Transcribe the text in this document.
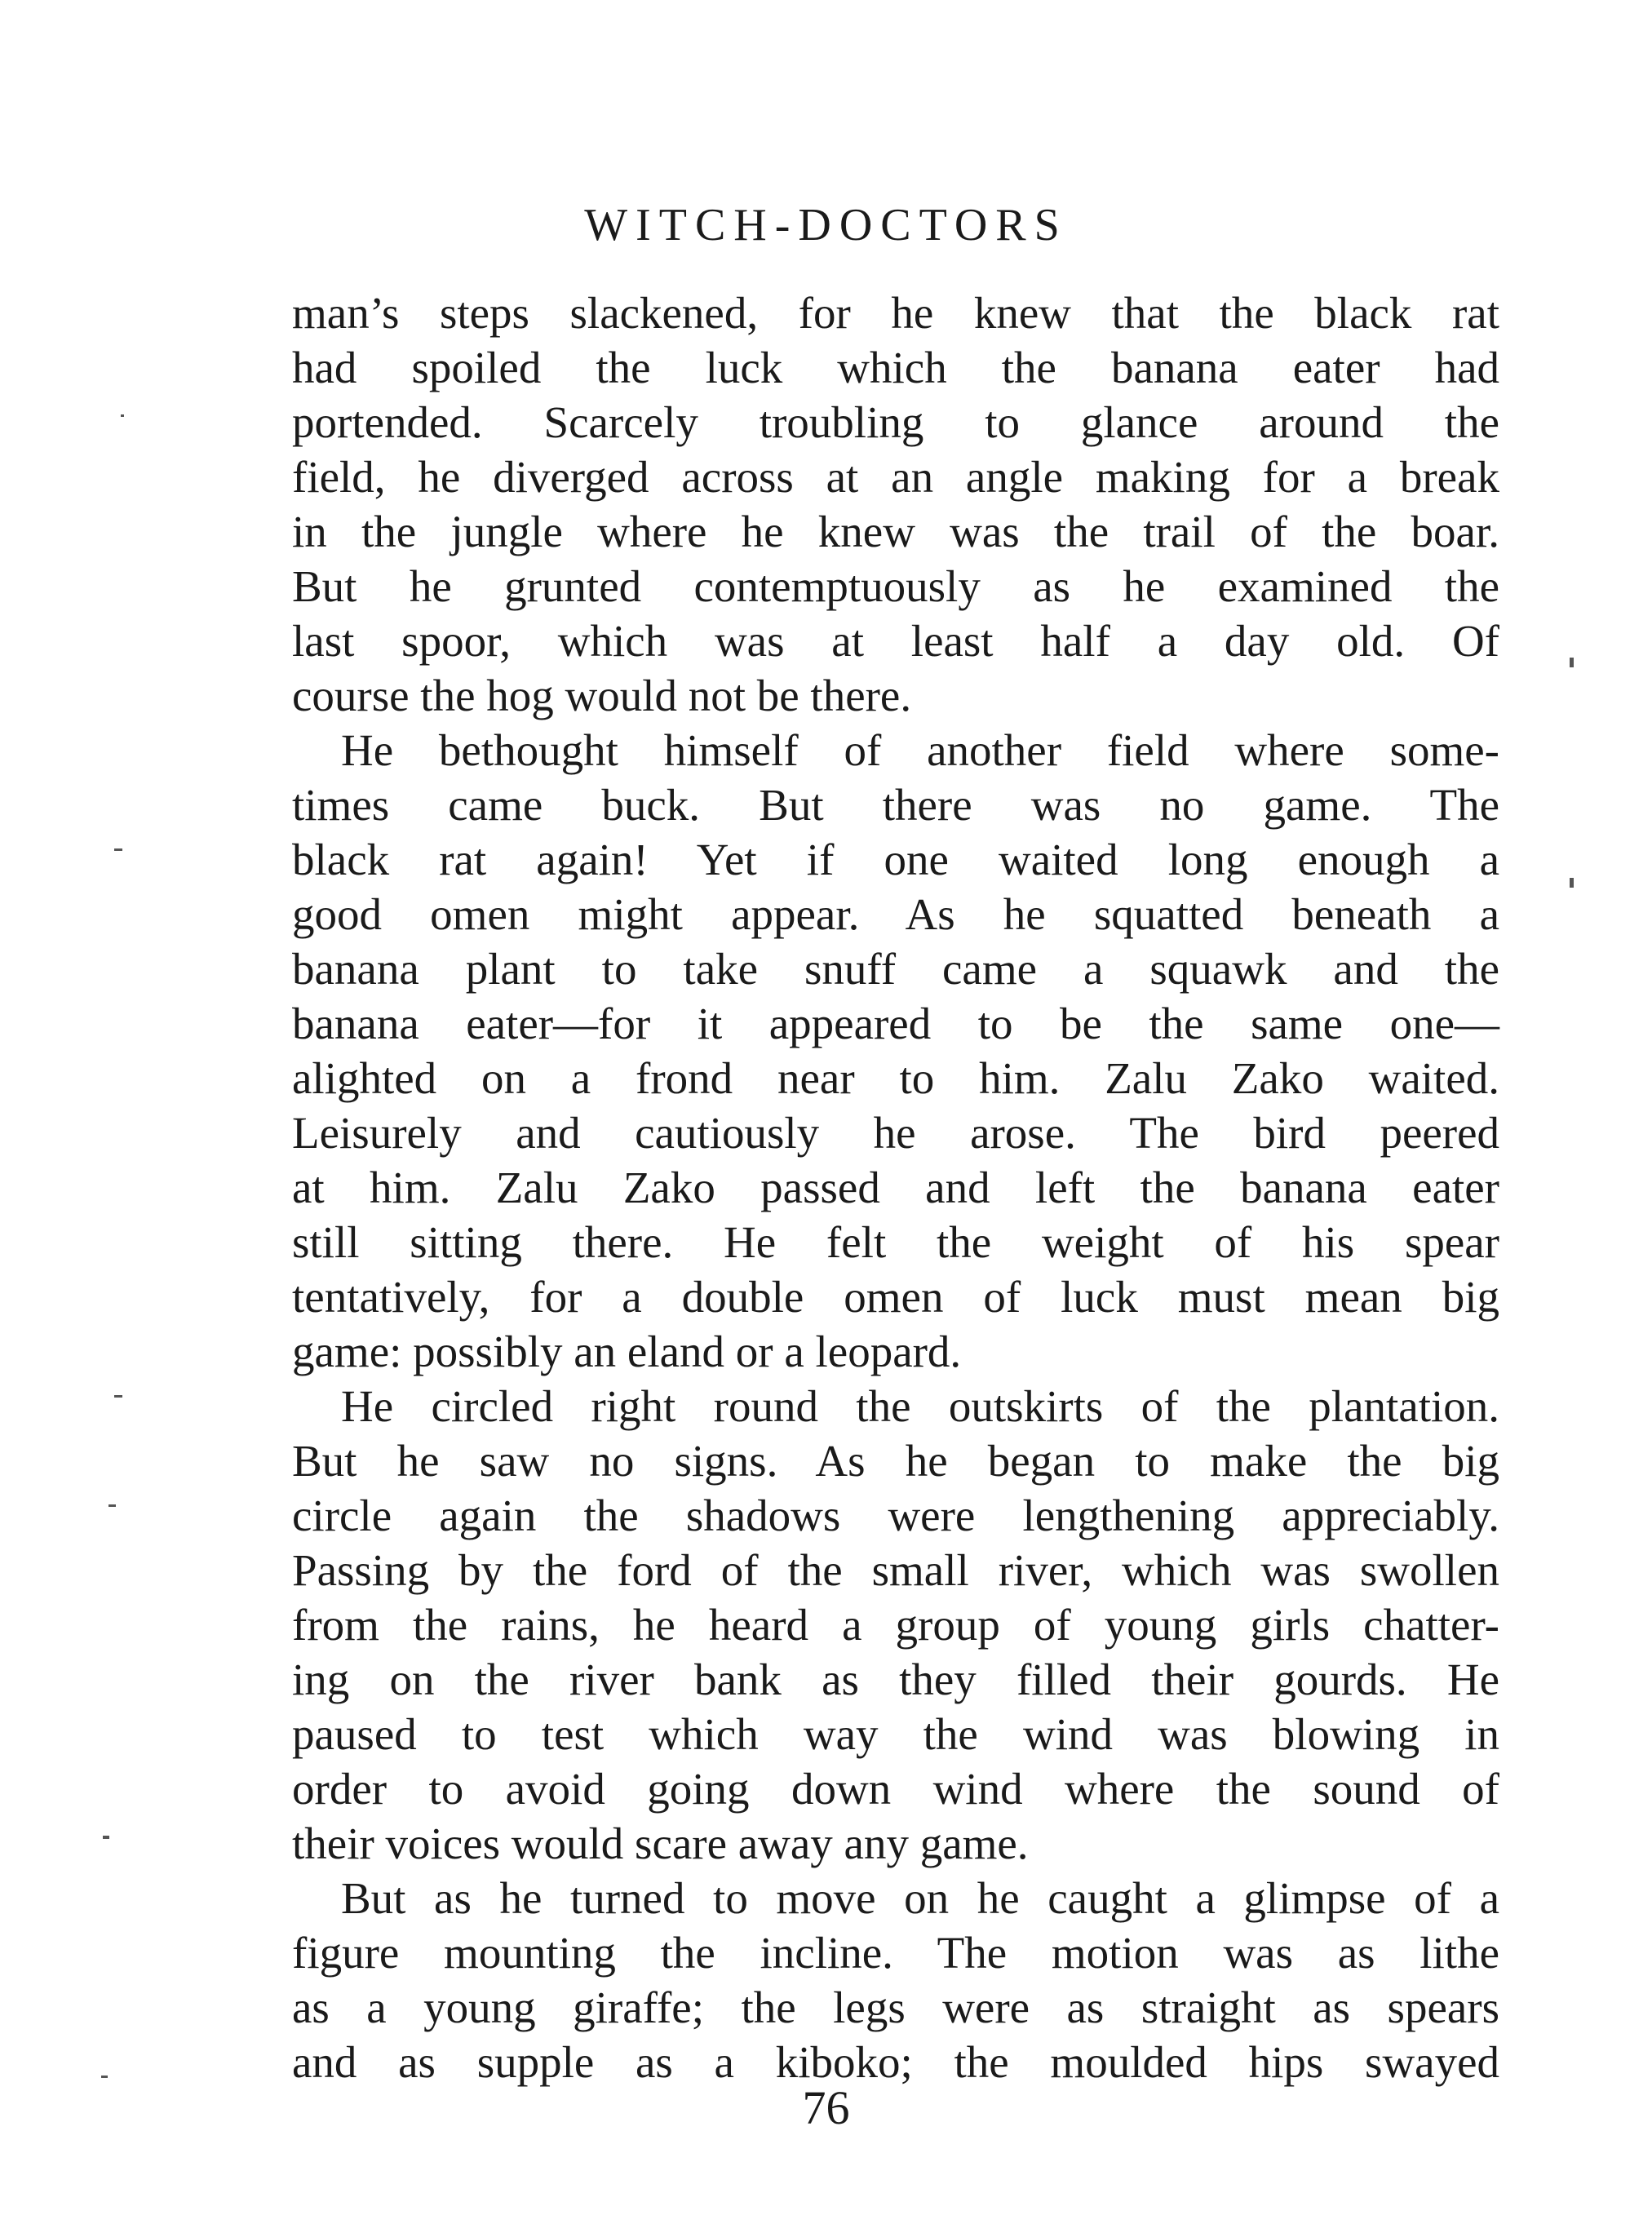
WITCH-DOCTORS
man’s steps slackened, for he knew that the black rat
had spoiled the luck which the banana eater had
portended. Scarcely troubling to glance around the
field, he diverged across at an angle making for a break
in the jungle where he knew was the trail of the boar.
But he grunted contemptuously as he examined the
last spoor, which was at least half a day old. Of
course the hog would not be there.
He bethought himself of another field where some-
times came buck. But there was no game. The
black rat again! Yet if one waited long enough a
good omen might appear. As he squatted beneath a
banana plant to take snuff came a squawk and the
banana eater—for it appeared to be the same one—
alighted on a frond near to him. Zalu Zako waited.
Leisurely and cautiously he arose. The bird peered
at him. Zalu Zako passed and left the banana eater
still sitting there. He felt the weight of his spear
tentatively, for a double omen of luck must mean big
game: possibly an eland or a leopard.
He circled right round the outskirts of the plantation.
But he saw no signs. As he began to make the big
circle again the shadows were lengthening appreciably.
Passing by the ford of the small river, which was swollen
from the rains, he heard a group of young girls chatter-
ing on the river bank as they filled their gourds. He
paused to test which way the wind was blowing in
order to avoid going down wind where the sound of
their voices would scare away any game.
But as he turned to move on he caught a glimpse of a
figure mounting the incline. The motion was as lithe
as a young giraffe; the legs were as straight as spears
and as supple as a kiboko; the moulded hips swayed
76
